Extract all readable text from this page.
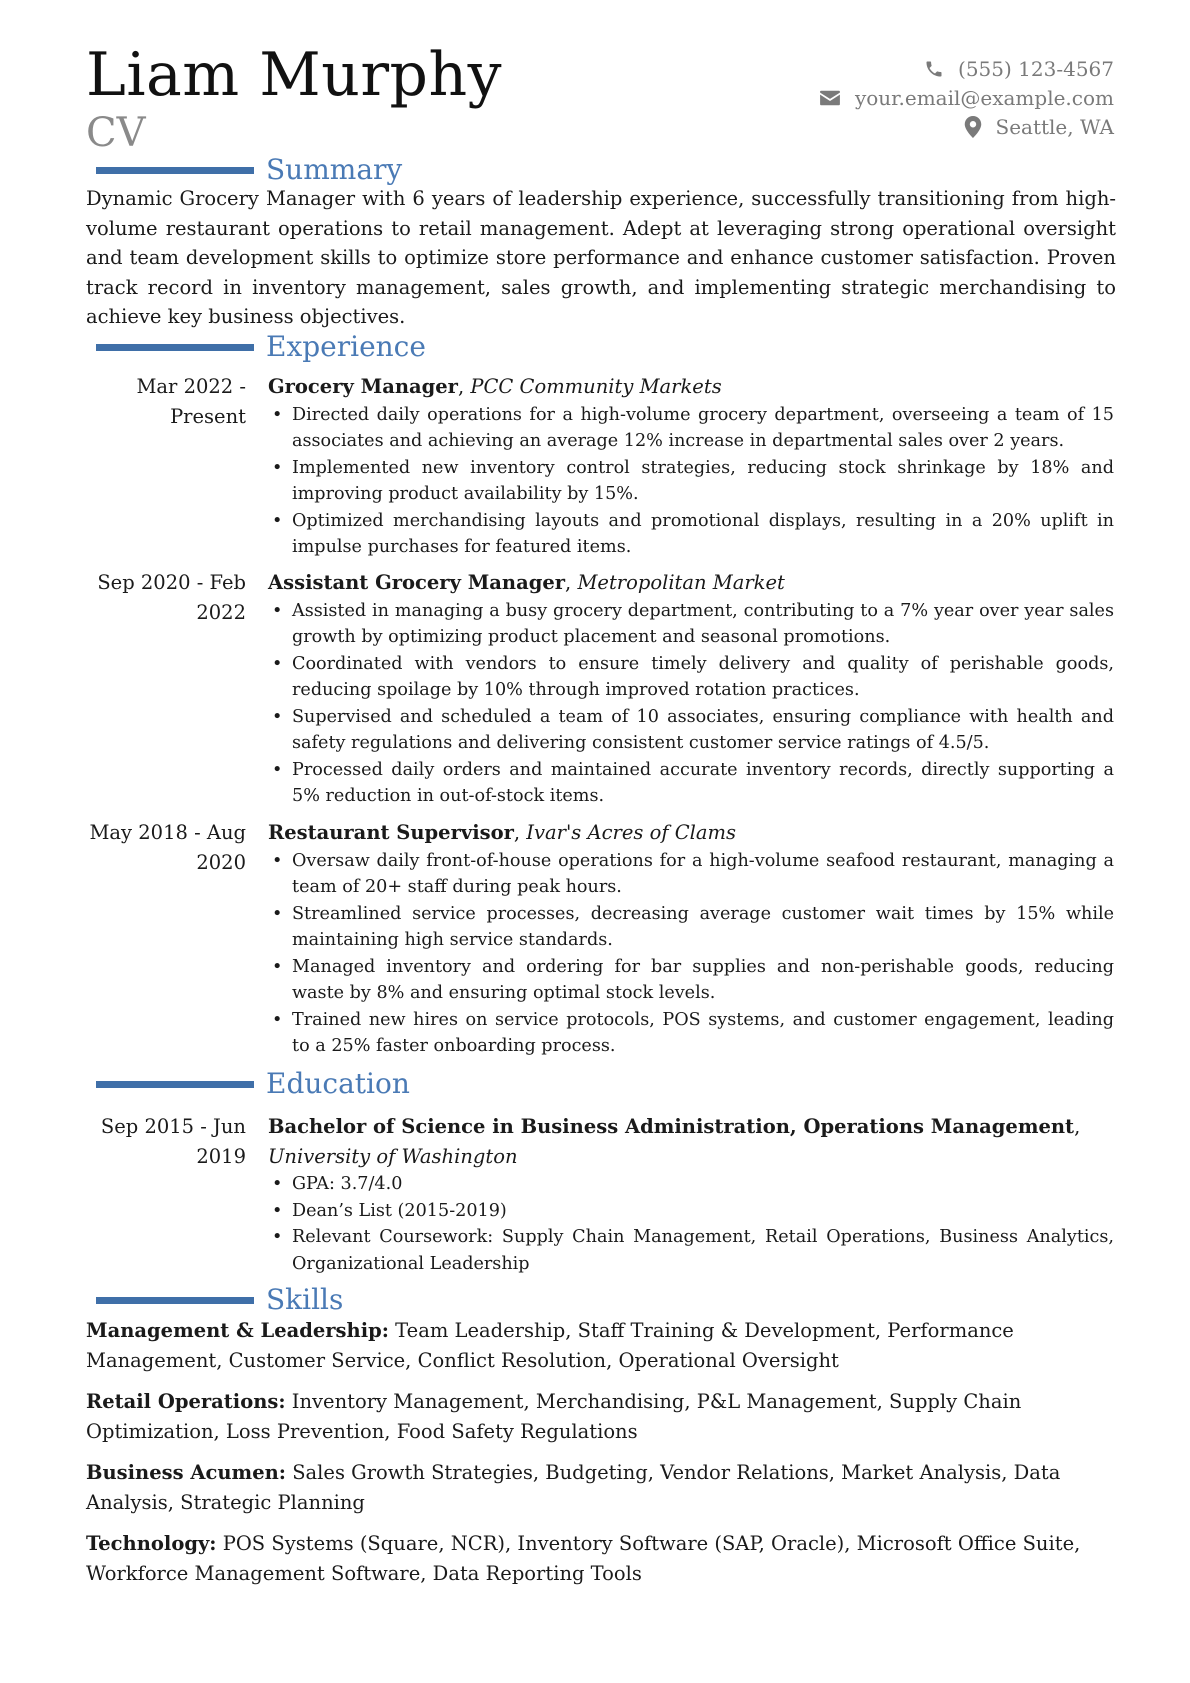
Liam Murphy
CV
(555) 123-4567
your.email@example.com
Seattle, WA
Summary
Dynamic Grocery Manager with 6 years of leadership experience, successfully transitioning from high-volume restaurant operations to retail management. Adept at leveraging strong operational oversight and team development skills to optimize store performance and enhance customer satisfaction. Proven track record in inventory management, sales growth, and implementing strategic merchandising to achieve key business objectives.
Experience
Mar 2022 - Present
Grocery Manager, PCC Community Markets
• Directed daily operations for a high-volume grocery department, overseeing a team of 15 associates and achieving an average 12% increase in departmental sales over 2 years.
• Implemented new inventory control strategies, reducing stock shrinkage by 18% and improving product availability by 15%.
• Optimized merchandising layouts and promotional displays, resulting in a 20% uplift in impulse purchases for featured items.
Sep 2020 - Feb 2022
Assistant Grocery Manager, Metropolitan Market
• Assisted in managing a busy grocery department, contributing to a 7% year over year sales growth by optimizing product placement and seasonal promotions.
• Coordinated with vendors to ensure timely delivery and quality of perishable goods, reducing spoilage by 10% through improved rotation practices.
• Supervised and scheduled a team of 10 associates, ensuring compliance with health and safety regulations and delivering consistent customer service ratings of 4.5/5.
• Processed daily orders and maintained accurate inventory records, directly supporting a 5% reduction in out-of-stock items.
May 2018 - Aug 2020
Restaurant Supervisor, Ivar's Acres of Clams
• Oversaw daily front-of-house operations for a high-volume seafood restaurant, managing a team of 20+ staff during peak hours.
• Streamlined service processes, decreasing average customer wait times by 15% while maintaining high service standards.
• Managed inventory and ordering for bar supplies and non-perishable goods, reducing waste by 8% and ensuring optimal stock levels.
• Trained new hires on service protocols, POS systems, and customer engagement, leading to a 25% faster onboarding process.
Education
Sep 2015 - Jun 2019
Bachelor of Science in Business Administration, Operations Management, University of Washington
• GPA: 3.7/4.0
• Dean’s List (2015-2019)
• Relevant Coursework: Supply Chain Management, Retail Operations, Business Analytics, Organizational Leadership
Skills
Management & Leadership: Team Leadership, Staff Training & Development, Performance Management, Customer Service, Conflict Resolution, Operational Oversight
Retail Operations: Inventory Management, Merchandising, P&L Management, Supply Chain Optimization, Loss Prevention, Food Safety Regulations
Business Acumen: Sales Growth Strategies, Budgeting, Vendor Relations, Market Analysis, Data Analysis, Strategic Planning
Technology: POS Systems (Square, NCR), Inventory Software (SAP, Oracle), Microsoft Office Suite, Workforce Management Software, Data Reporting Tools
